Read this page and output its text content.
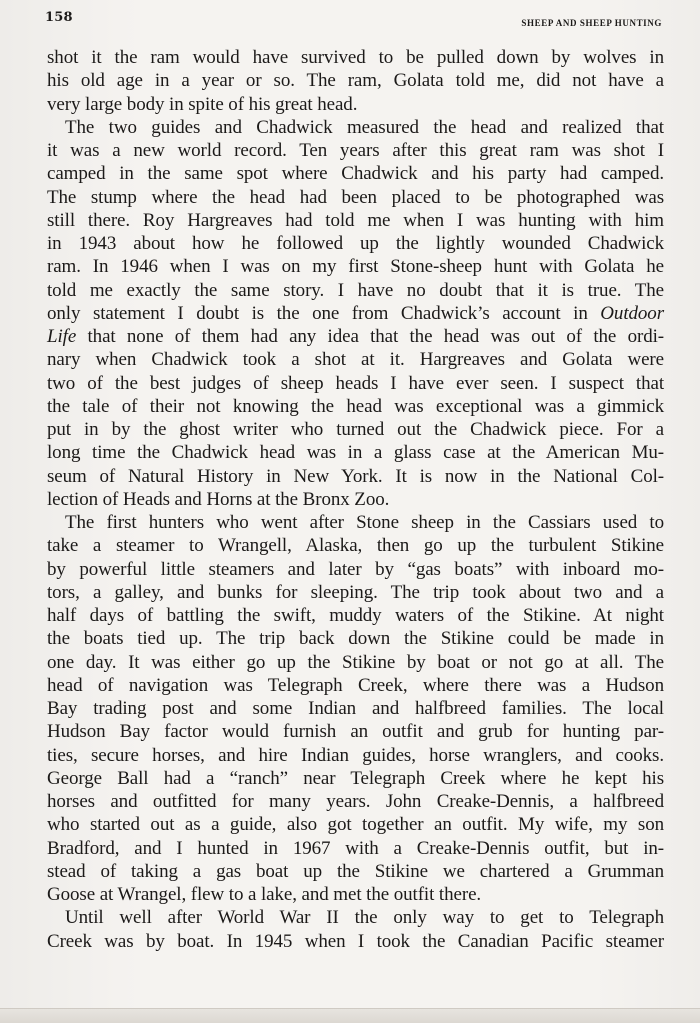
158	SHEEP AND SHEEP HUNTING
shot it the ram would have survived to be pulled down by wolves in
his old age in a year or so. The ram, Golata told me, did not have a
very large body in spite of his great head.
The two guides and Chadwick measured the head and realized that
it was a new world record. Ten years after this great ram was shot I
camped in the same spot where Chadwick and his party had camped.
The stump where the head had been placed to be photographed was
still there. Roy Hargreaves had told me when I was hunting with him
in 1943 about how he followed up the lightly wounded Chadwick
ram. In 1946 when I was on my first Stone-sheep hunt with Golata he
told me exactly the same story. I have no doubt that it is true. The
only statement I doubt is the one from Chadwick’s account in Outdoor
Life that none of them had any idea that the head was out of the ordi-
nary when Chadwick took a shot at it. Hargreaves and Golata were
two of the best judges of sheep heads I have ever seen. I suspect that
the tale of their not knowing the head was exceptional was a gimmick
put in by the ghost writer who turned out the Chadwick piece. For a
long time the Chadwick head was in a glass case at the American Mu-
seum of Natural History in New York. It is now in the National Col-
lection of Heads and Horns at the Bronx Zoo.
The first hunters who went after Stone sheep in the Cassiars used to
take a steamer to Wrangell, Alaska, then go up the turbulent Stikine
by powerful little steamers and later by “gas boats” with inboard mo-
tors, a galley, and bunks for sleeping. The trip took about two and a
half days of battling the swift, muddy waters of the Stikine. At night
the boats tied up. The trip back down the Stikine could be made in
one day. It was either go up the Stikine by boat or not go at all. The
head of navigation was Telegraph Creek, where there was a Hudson
Bay trading post and some Indian and halfbreed families. The local
Hudson Bay factor would furnish an outfit and grub for hunting par-
ties, secure horses, and hire Indian guides, horse wranglers, and cooks.
George Ball had a “ranch” near Telegraph Creek where he kept his
horses and outfitted for many years. John Creake-Dennis, a halfbreed
who started out as a guide, also got together an outfit. My wife, my son
Bradford, and I hunted in 1967 with a Creake-Dennis outfit, but in-
stead of taking a gas boat up the Stikine we chartered a Grumman
Goose at Wrangel, flew to a lake, and met the outfit there.
Until well after World War II the only way to get to Telegraph
Creek was by boat. In 1945 when I took the Canadian Pacific steamer
